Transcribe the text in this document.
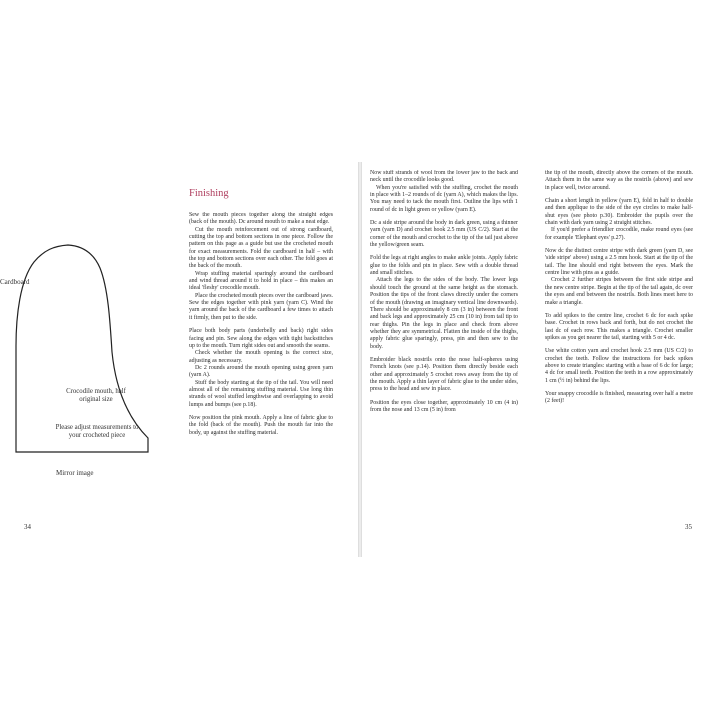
Cardboard

Crocodile mouth, half original size

Please adjust measurements to your crocheted piece

Mirror image

Finishing

Sew the mouth pieces together along the straight edges (back of the mouth). Dc around mouth to make a neat edge.

Cut the mouth reinforcement out of strong cardboard, cutting the top and bottom sections in one piece. Follow the pattern on this page as a guide but use the crocheted mouth for exact measurements. Fold the cardboard in half – with the top and bottom sections over each other. The fold goes at the back of the mouth.

Wrap stuffing material sparingly around the cardboard and wind thread around it to hold in place – this makes an ideal 'fleshy' crocodile mouth.

Place the crocheted mouth pieces over the cardboard jaws. Sew the edges together with pink yarn (yarn C). Wind the yarn around the back of the cardboard a few times to attach it firmly, then put to the side.

Place both body parts (underbelly and back) right sides facing and pin. Sew along the edges with tight backstitches up to the mouth. Turn right sides out and smooth the seams.

Check whether the mouth opening is the correct size, adjusting as necessary.

Dc 2 rounds around the mouth opening using green yarn (yarn A).

Stuff the body starting at the tip of the tail. You will need almost all of the remaining stuffing material. Use long thin strands of wool stuffed lengthwise and overlapping to avoid lumps and bumps (see p.18).

Now position the pink mouth. Apply a line of fabric glue to the fold (back of the mouth). Push the mouth far into the body, up against the stuffing material.

34

Now stuff strands of wool from the lower jaw to the back and neck until the crocodile looks good.

When you're satisfied with the stuffing, crochet the mouth in place with 1–2 rounds of dc (yarn A), which makes the lips. You may need to tack the mouth first. Outline the lips with 1 round of dc in light green or yellow (yarn E).

Dc a side stripe around the body in dark green, using a thinner yarn (yarn D) and crochet hook 2.5 mm (US C/2). Start at the corner of the mouth and crochet to the tip of the tail just above the yellow/green seam.

Fold the legs at right angles to make ankle joints. Apply fabric glue to the folds and pin in place. Sew with a double thread and small stitches.

Attach the legs to the sides of the body. The lower legs should touch the ground at the same height as the stomach. Position the tips of the front claws directly under the corners of the mouth (drawing an imaginary vertical line downwards). There should be approximately 8 cm (3 in) between the front and back legs and approximately 25 cm (10 in) from tail tip to rear thighs. Pin the legs in place and check from above whether they are symmetrical. Flatten the inside of the thighs, apply fabric glue sparingly, press, pin and then sew to the body.

Embroider black nostrils onto the nose half-spheres using French knots (see p.14). Position them directly beside each other and approximately 5 crochet rows away from the tip of the mouth. Apply a thin layer of fabric glue to the under sides, press to the head and sew in place.

Position the eyes close together, approximately 10 cm (4 in) from the nose and 13 cm (5 in) from

the tip of the mouth, directly above the corners of the mouth. Attach them in the same way as the nostrils (above) and sew in place well, twice around.

Chain a short length in yellow (yarn E), fold in half to double and then applique to the side of the eye circles to make half-shut eyes (see photo p.30). Embroider the pupils over the chain with dark yarn using 2 straight stitches.

If you'd prefer a friendlier crocodile, make round eyes (see for example 'Elephant eyes' p.27).

Now dc the distinct centre stripe with dark green (yarn D, see 'side stripe' above) using a 2.5 mm hook. Start at the tip of the tail. The line should end right between the eyes. Mark the centre line with pins as a guide.

Crochet 2 further stripes between the first side stripe and the new centre stripe. Begin at the tip of the tail again, dc over the eyes and end between the nostrils. Both lines meet here to make a triangle.

To add spikes to the centre line, crochet 6 dc for each spike base. Crochet in rows back and forth, but do not crochet the last dc of each row. This makes a triangle. Crochet smaller spikes as you get nearer the tail, starting with 5 or 4 dc.

Use white cotton yarn and crochet hook 2.5 mm (US C/2) to crochet the teeth. Follow the instructions for back spikes above to create triangles: starting with a base of 6 dc for large; 4 dc for small teeth. Position the teeth in a row approximately 1 cm (½ in) behind the lips.

Your snappy crocodile is finished, measuring over half a metre (2 feet)!

35
